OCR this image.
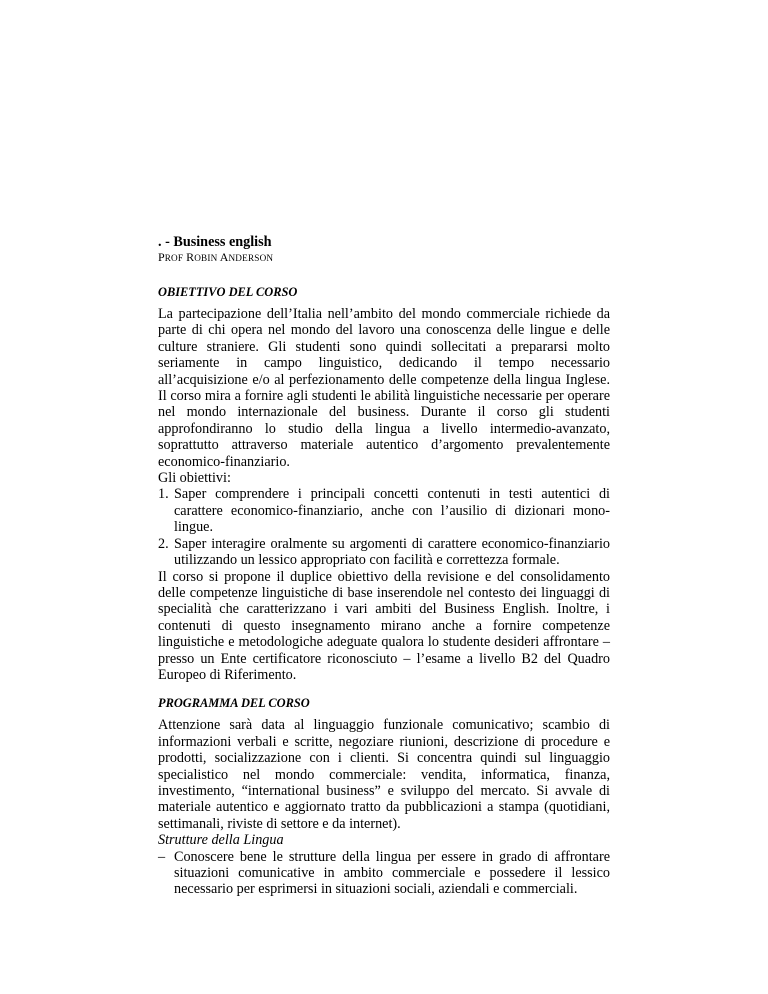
. - Business english

PROF ROBIN ANDERSON

OBIETTIVO DEL CORSO

La partecipazione dell’Italia nell’ambito del mondo commerciale richiede da parte di chi opera nel mondo del lavoro una conoscenza delle lingue e delle culture straniere. Gli studenti sono quindi sollecitati a prepararsi molto seriamente in campo linguistico, dedicando il tempo necessario all’acquisizione e/o al perfezionamento delle competenze della lingua Inglese. Il corso mira a fornire agli studenti le abilità linguistiche necessarie per operare nel mondo internazionale del business. Durante il corso gli studenti approfondiranno lo studio della lingua a livello intermedio-avanzato, soprattutto attraverso materiale autentico d’argomento prevalentemente economico-finanziario.

Gli obiettivi:

1. Saper comprendere i principali concetti contenuti in testi autentici di carattere economico-finanziario, anche con l’ausilio di dizionari mono-lingue.
2. Saper interagire oralmente su argomenti di carattere economico-finanziario utilizzando un lessico appropriato con facilità e correttezza formale.

Il corso si propone il duplice obiettivo della revisione e del consolidamento delle competenze linguistiche di base inserendole nel contesto dei linguaggi di specialità che caratterizzano i vari ambiti del Business English. Inoltre, i contenuti di questo insegnamento mirano anche a fornire competenze linguistiche e metodologiche adeguate qualora lo studente desideri affrontare – presso un Ente certificatore riconosciuto – l’esame a livello B2 del Quadro Europeo di Riferimento.

PROGRAMMA DEL CORSO

Attenzione sarà data al linguaggio funzionale comunicativo; scambio di informazioni verbali e scritte, negoziare riunioni, descrizione di procedure e prodotti, socializzazione con i clienti. Si concentra quindi sul linguaggio specialistico nel mondo commerciale: vendita, informatica, finanza, investimento, “international business” e sviluppo del mercato. Si avvale di materiale autentico e aggiornato tratto da pubblicazioni a stampa (quotidiani, settimanali, riviste di settore e da internet).

Strutture della Lingua

– Conoscere bene le strutture della lingua per essere in grado di affrontare situazioni comunicative in ambito commerciale e possedere il lessico necessario per esprimersi in situazioni sociali, aziendali e commerciali.
